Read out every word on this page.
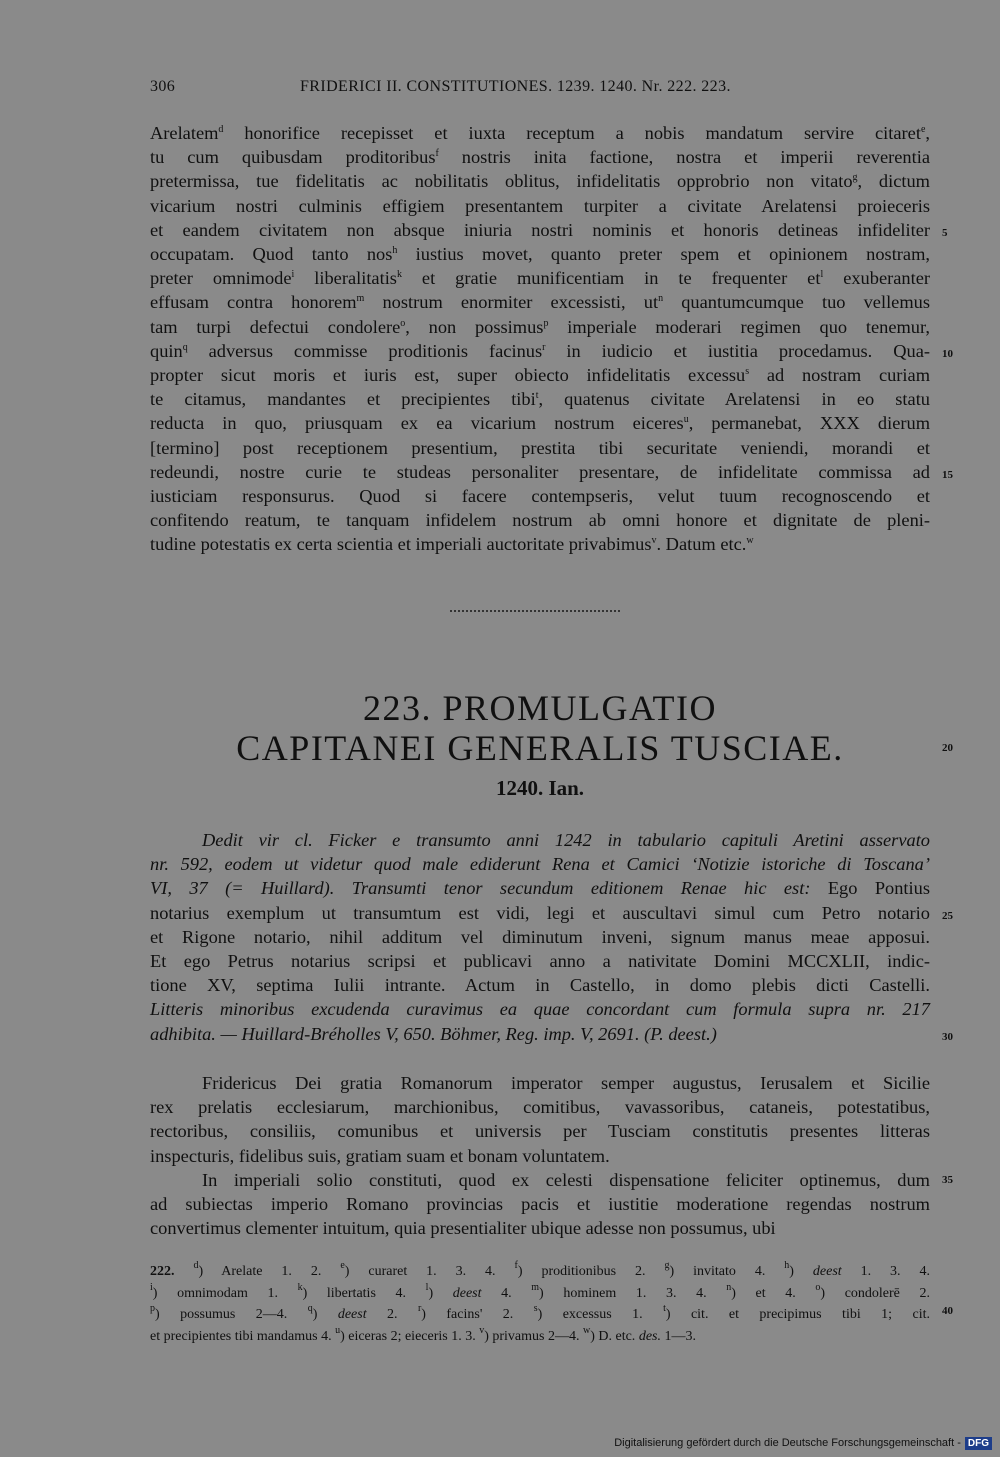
306	FRIDERICI II. CONSTITUTIONES. 1239. 1240. Nr. 222. 223.
Arelatem$^d$ honorifice recepisset et iuxta receptum a nobis mandatum servire citaret$^e$,
tu cum quibusdam proditoribus$^f$ nostris inita factione, nostra et imperii reverentia
pretermissa, tue fidelitatis ac nobilitatis oblitus, infidelitatis opprobrio non vitato$^g$, dictum
vicarium nostri culminis effigiem presentantem turpiter a civitate Arelatensi proieceris
et eandem civitatem non absque iniuria nostri nominis et honoris detineas infideliter
occupatam. Quod tanto nos$^h$ iustius movet, quanto preter spem et opinionem nostram,
preter omnimode$^i$ liberalitatis$^k$ et gratie munificentiam in te frequenter $et^l$ exuberanter
effusam contra honorem$^m$ nostrum enormiter excessisti, $ut^n$ quantumcumque tuo vellemus
tam turpi defectui condolere$^o$, non possimus$^p$ imperiale moderari regimen quo tenemur,
quin$^q$ adversus commisse proditionis facinus$^r$ in iudicio et iustitia procedamus. Qua-
propter sicut moris et iuris est, super obiecto infidelitatis excessu$^s$ ad nostram curiam
te citamus, mandantes et precipientes tibi$^t$, quatenus civitate Arelatensi in eo statu
reducta in quo, priusquam ex ea vicarium nostrum eiceres$^u$, permanebat, XXX dierum
[termino] post receptionem presentium, prestita tibi securitate veniendi, morandi et
redeundi, nostre curie te studeas personaliter presentare, de infidelitate commissa ad
iusticiam responsurus. Quod si facere contempseris, velut tuum recognoscendo et
confitendo reatum, te tanquam infidelem nostrum ab omni honore et dignitate de pleni-
tudine potestatis ex certa scientia et imperiali auctoritate privabimus$^v$. Datum etc.$^w$
5
10
15
223. PROMULGATIO
CAPITANEI GENERALIS TUSCIAE.	20
1240. Ian.
Dedit vir cl. Ficker e transumto anni 1242 in tabulario capituli Aretini asservato
nr. 592, eodem ut videtur quod male ediderunt Rena et Camici ‘Notizie istoriche di Toscana’
VI, 37 (= Huillard). Transumti tenor secundum editionem Renae hic est: Ego Pontius
notarius exemplum ut transumtum est vidi, legi et auscultavi simul cum Petro notario
et Rigone notario, nihil additum vel diminutum inveni, signum manus meae apposui.
Et ego Petrus notarius scripsi et publicavi anno a nativitate Domini MCCXLII, indic-
tione XV, septima Iulii intrante. Actum in Castello, in domo plebis dicti Castelli.
Litteris minoribus excudenda curavimus ea quae concordant cum formula supra nr. 217
adhibita. — Huillard-Bréholles V, 650. Böhmer, Reg. imp. V, 2691. (P. deest.)
25
30
Fridericus Dei gratia Romanorum imperator semper augustus, Ierusalem et Sicilie
rex prelatis ecclesiarum, marchionibus, comitibus, vavassoribus, cataneis, potestatibus,
rectoribus, consiliis, comunibus et universis per Tusciam constitutis presentes litteras
inspecturis, fidelibus suis, gratiam suam et bonam voluntatem.
In imperiali solio constituti, quod ex celesti dispensatione feliciter optinemus, dum
ad subiectas imperio Romano provincias pacis et iustitie moderatione regendas nostrum
convertimus clementer intuitum, quia presentialiter ubique adesse non possumus, ubi
35
222. $^d$) Arelate 1. 2. $^e$) curaret 1. 3. 4. $^f$) proditionibus 2. $^g$) invitato 4. $^h$) deest 1. 3. 4.
$^i$) omnimodam 1. $^k$) libertatis 4. $^l$) deest 4. $^m$) hominem 1. 3. 4. $^n$) et 4. $^o$) condolerē 2.
$^p$) possumus 2—4. $^q$) deest 2. $^r$) facins' 2. $^s$) excessus 1. $^t$) cit. et precipimus tibi 1; cit.
et precipientes tibi mandamus 4. $^u$) eiceras 2; eieceris 1. 3. $^v$) privamus 2—4. $^w$) D. etc. des. 1—3.
40
Digitalisierung gefördert durch die Deutsche Forschungsgemeinschaft - DFG
